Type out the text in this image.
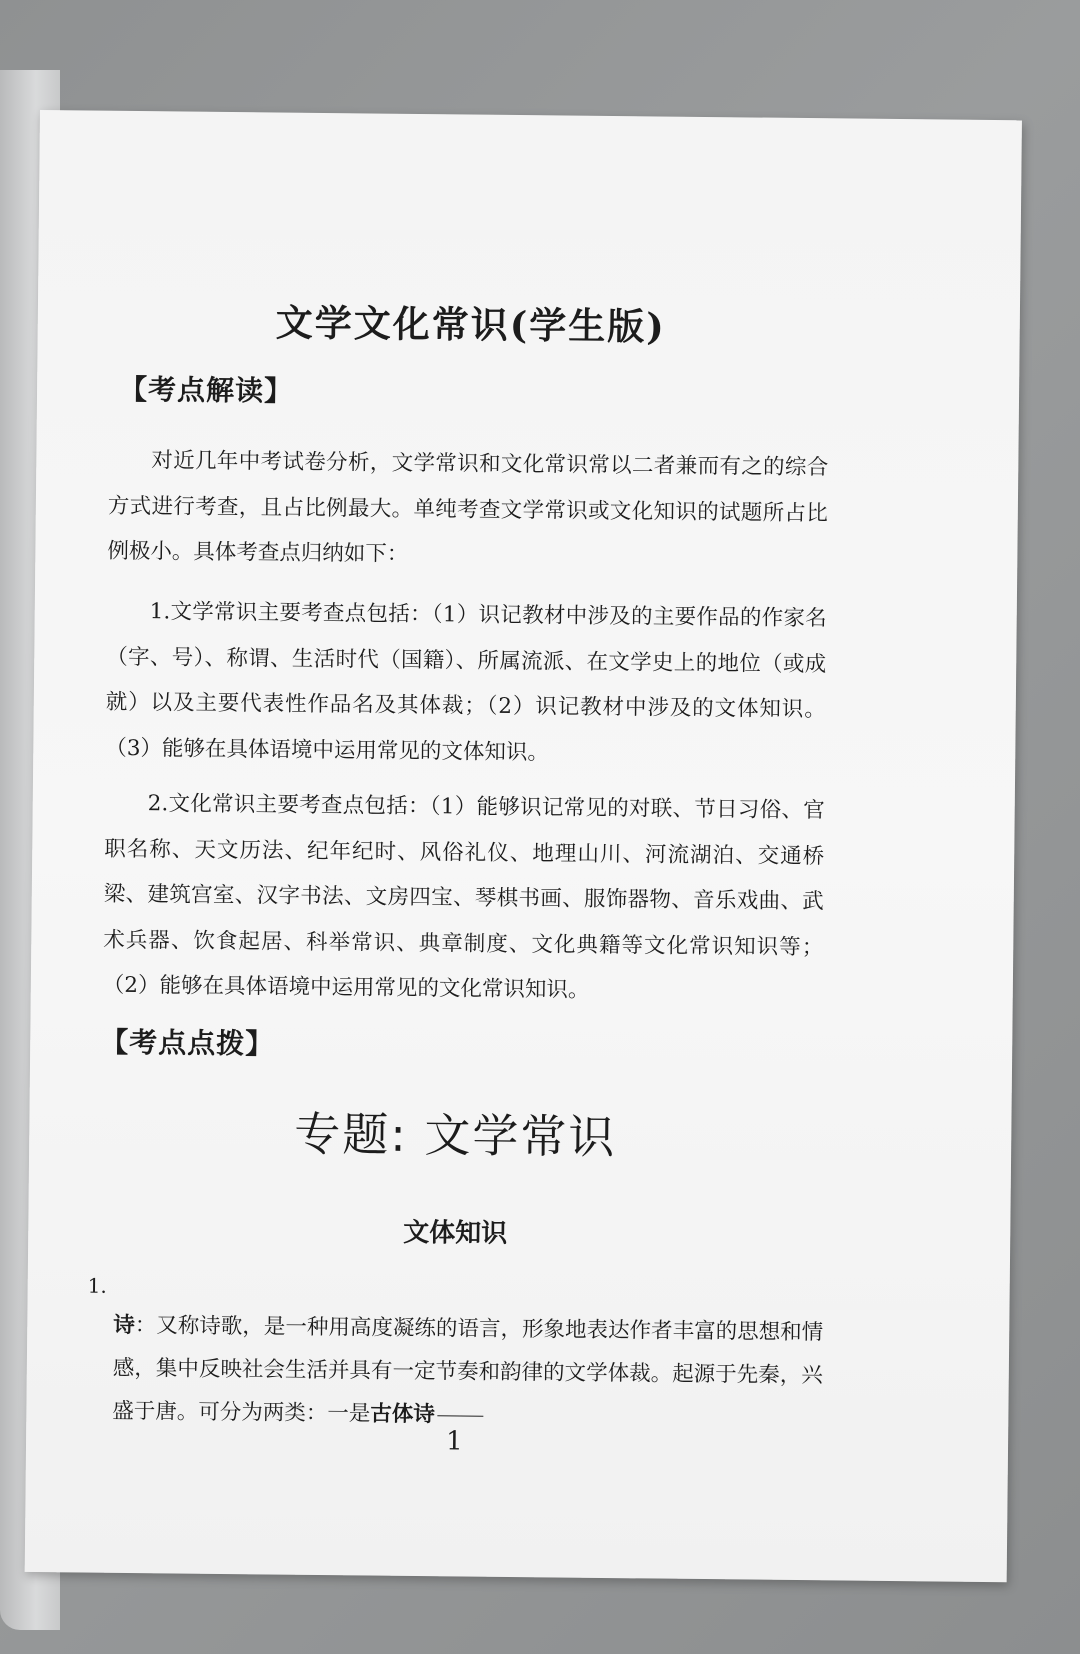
文学文化常识(学生版)
【考点解读】
对近几年中考试卷分析，文学常识和文化常识常以二者兼而有之的综合方式进行考查，且占比例最大。单纯考查文学常识或文化知识的试题所占比例极小。具体考查点归纳如下：
1.文学常识主要考查点包括：（1）识记教材中涉及的主要作品的作家名（字、号）、称谓、生活时代（国籍）、所属流派、在文学史上的地位（或成就）以及主要代表性作品名及其体裁；（2）识记教材中涉及的文体知识。（3）能够在具体语境中运用常见的文体知识。
2.文化常识主要考查点包括：（1）能够识记常见的对联、节日习俗、官职名称、天文历法、纪年纪时、风俗礼仪、地理山川、河流湖泊、交通桥梁、建筑宫室、汉字书法、文房四宝、琴棋书画、服饰器物、音乐戏曲、武术兵器、饮食起居、科举常识、典章制度、文化典籍等文化常识知识等；（2）能够在具体语境中运用常见的文化常识知识。
【考点点拨】
专题: 文学常识
文体知识
1.
诗：又称诗歌，是一种用高度凝练的语言，形象地表达作者丰富的思想和情感，集中反映社会生活并具有一定节奏和韵律的文学体裁。起源于先秦，兴盛于唐。可分为两类：一是古体诗
1
